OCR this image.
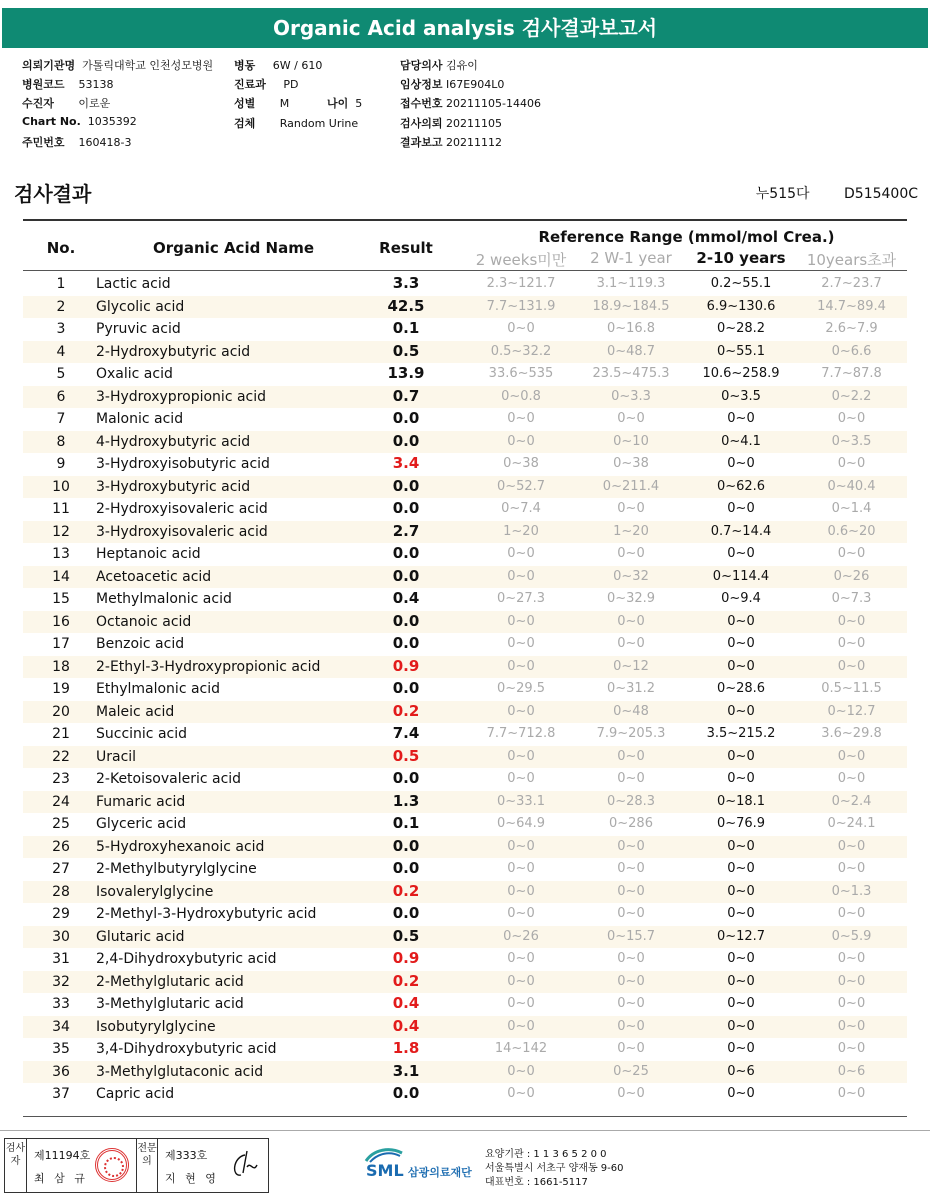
Organic Acid analysis 검사결과보고서
의뢰기관명 가톨릭대학교 인천성모병원
병원코드 53138
수진자 이로운
Chart No. 1035392
주민번호 160418-3
병동 6W / 610
진료과 PD
성별 M	나이 5
검체 Random Urine
담당의사 김유이
임상정보 I67E904L0
접수번호 20211105-14406
검사의뢰 20211105
결과보고 20211112
검사결과	누515다 D515400C
No.	Organic Acid Name	Result
Reference Range (mmol/mol Crea.)
2 weeks미만	2 W-1 year	2-10 years	10years초과
1	Lactic acid	3.3	2.3~121.7	3.1~119.3	0.2~55.1	2.7~23.7
2	Glycolic acid	42.5	7.7~131.9	18.9~184.5	6.9~130.6	14.7~89.4
3	Pyruvic acid	0.1	0~0	0~16.8	0~28.2	2.6~7.9
4	2-Hydroxybutyric acid	0.5	0.5~32.2	0~48.7	0~55.1	0~6.6
5	Oxalic acid	13.9	33.6~535	23.5~475.3	10.6~258.9	7.7~87.8
6	3-Hydroxypropionic acid	0.7	0~0.8	0~3.3	0~3.5	0~2.2
7	Malonic acid	0.0	0~0	0~0	0~0	0~0
8	4-Hydroxybutyric acid	0.0	0~0	0~10	0~4.1	0~3.5
9	3-Hydroxyisobutyric acid	3.4	0~38	0~38	0~0	0~0
10	3-Hydroxybutyric acid	0.0	0~52.7	0~211.4	0~62.6	0~40.4
11	2-Hydroxyisovaleric acid	0.0	0~7.4	0~0	0~0	0~1.4
12	3-Hydroxyisovaleric acid	2.7	1~20	1~20	0.7~14.4	0.6~20
13	Heptanoic acid	0.0	0~0	0~0	0~0	0~0
14	Acetoacetic acid	0.0	0~0	0~32	0~114.4	0~26
15	Methylmalonic acid	0.4	0~27.3	0~32.9	0~9.4	0~7.3
16	Octanoic acid	0.0	0~0	0~0	0~0	0~0
17	Benzoic acid	0.0	0~0	0~0	0~0	0~0
18	2-Ethyl-3-Hydroxypropionic acid	0.9	0~0	0~12	0~0	0~0
19	Ethylmalonic acid	0.0	0~29.5	0~31.2	0~28.6	0.5~11.5
20	Maleic acid	0.2	0~0	0~48	0~0	0~12.7
21	Succinic acid	7.4	7.7~712.8	7.9~205.3	3.5~215.2	3.6~29.8
22	Uracil	0.5	0~0	0~0	0~0	0~0
23	2-Ketoisovaleric acid	0.0	0~0	0~0	0~0	0~0
24	Fumaric acid	1.3	0~33.1	0~28.3	0~18.1	0~2.4
25	Glyceric acid	0.1	0~64.9	0~286	0~76.9	0~24.1
26	5-Hydroxyhexanoic acid	0.0	0~0	0~0	0~0	0~0
27	2-Methylbutyrylglycine	0.0	0~0	0~0	0~0	0~0
28	Isovalerylglycine	0.2	0~0	0~0	0~0	0~1.3
29	2-Methyl-3-Hydroxybutyric acid	0.0	0~0	0~0	0~0	0~0
30	Glutaric acid	0.5	0~26	0~15.7	0~12.7	0~5.9
31	2,4-Dihydroxybutyric acid	0.9	0~0	0~0	0~0	0~0
32	2-Methylglutaric acid	0.2	0~0	0~0	0~0	0~0
33	3-Methylglutaric acid	0.4	0~0	0~0	0~0	0~0
34	Isobutyrylglycine	0.4	0~0	0~0	0~0	0~0
35	3,4-Dihydroxybutyric acid	1.8	14~142	0~0	0~0	0~0
36	3-Methylglutaconic acid	3.1	0~0	0~25	0~6	0~6
37	Capric acid	0.0	0~0	0~0	0~0	0~0
검사자	제11194호
최 삼 규
전문의	제333호
지 현 영	SML 삼광의료재단
요양기관 : 1 1 3 6 5 2 0 0
서울특별시 서초구 양재동 9-60
대표번호 : 1661-5117
